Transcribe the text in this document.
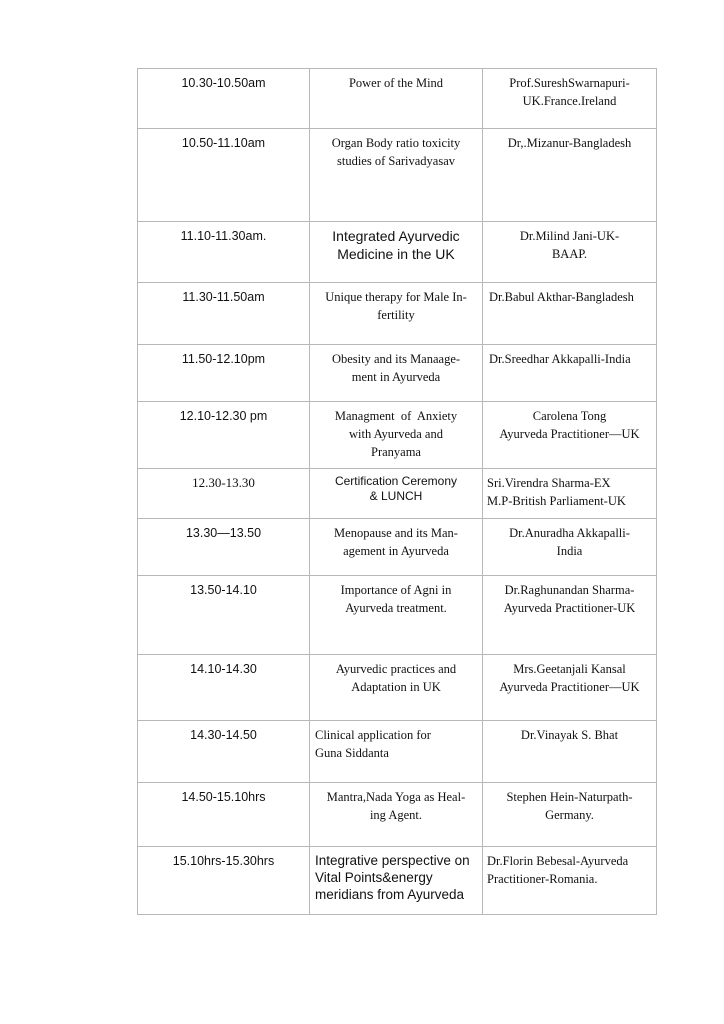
10.30-10.50am	Power of the Mind	Prof.SureshSwarnapuri-
UK.France.Ireland

10.50-11.10am	Organ Body ratio toxicity
studies of Sarivadyasav	Dr,.Mizanur-Bangladesh

11.10-11.30am.	Integrated Ayurvedic
Medicine in the UK	Dr.Milind Jani-UK-
BAAP.

11.30-11.50am	Unique therapy for Male In-
fertility	Dr.Babul Akthar-Bangladesh

11.50-12.10pm	Obesity and its Manaage-
ment in Ayurveda	Dr.Sreedhar Akkapalli-India

12.10-12.30 pm	Managment  of  Anxiety
with Ayurveda and
Pranyama	Carolena Tong
Ayurveda Practitioner—UK

12.30-13.30	Certification Ceremony
& LUNCH	Sri.Virendra Sharma-EX
M.P-British Parliament-UK

13.30—13.50	Menopause and its Man-
agement in Ayurveda	Dr.Anuradha Akkapalli-
India

13.50-14.10	Importance of Agni in
Ayurveda treatment.	Dr.Raghunandan Sharma-
Ayurveda Practitioner-UK

14.10-14.30	Ayurvedic practices and
Adaptation in UK	Mrs.Geetanjali Kansal
Ayurveda Practitioner—UK

14.30-14.50	Clinical application for
Guna Siddanta	Dr.Vinayak S. Bhat

14.50-15.10hrs	Mantra,Nada Yoga as Heal-
ing Agent.	Stephen Hein-Naturpath-
Germany.

15.10hrs-15.30hrs	Integrative perspective on
Vital Points&energy
meridians from Ayurveda	Dr.Florin Bebesal-Ayurveda
Practitioner-Romania.
